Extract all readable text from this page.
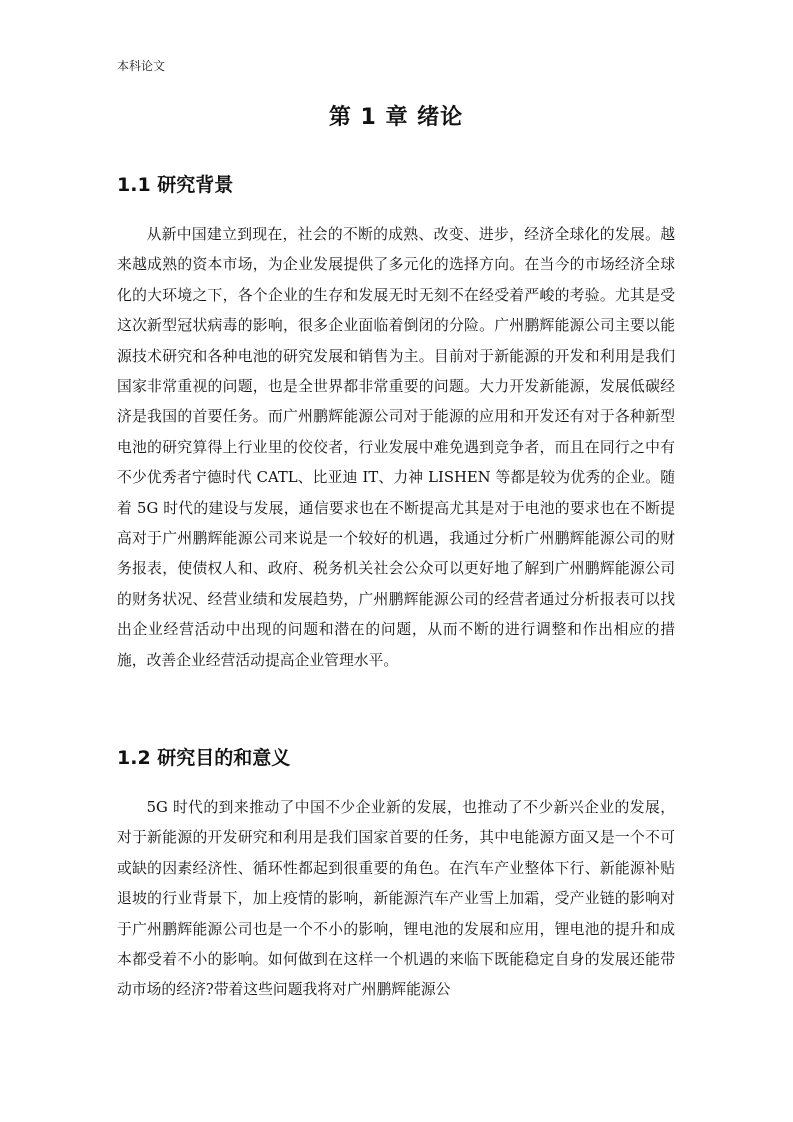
本科论文
第 1 章 绪论
1.1 研究背景

从新中国建立到现在，社会的不断的成熟、改变、进步，经济全球化的发展。越来越成熟的资本市场，为企业发展提供了多元化的选择方向。在当今的市场经济全球化的大环境之下，各个企业的生存和发展无时无刻不在经受着严峻的考验。尤其是受这次新型冠状病毒的影响，很多企业面临着倒闭的分险。广州鹏辉能源公司主要以能源技术研究和各种电池的研究发展和销售为主。目前对于新能源的开发和利用是我们国家非常重视的问题，也是全世界都非常重要的问题。大力开发新能源，发展低碳经济是我国的首要任务。而广州鹏辉能源公司对于能源的应用和开发还有对于各种新型电池的研究算得上行业里的佼佼者，行业发展中难免遇到竞争者，而且在同行之中有不少优秀者宁德时代 CATL、比亚迪 IT、力神 LISHEN 等都是较为优秀的企业。随着 5G 时代的建设与发展，通信要求也在不断提高尤其是对于电池的要求也在不断提高对于广州鹏辉能源公司来说是一个较好的机遇，我通过分析广州鹏辉能源公司的财务报表，使债权人和、政府、税务机关社会公众可以更好地了解到广州鹏辉能源公司的财务状况、经营业绩和发展趋势，广州鹏辉能源公司的经营者通过分析报表可以找出企业经营活动中出现的问题和潜在的问题，从而不断的进行调整和作出相应的措施，改善企业经营活动提高企业管理水平。

1.2 研究目的和意义

5G 时代的到来推动了中国不少企业新的发展，也推动了不少新兴企业的发展，对于新能源的开发研究和利用是我们国家首要的任务，其中电能源方面又是一个不可或缺的因素经济性、循环性都起到很重要的角色。在汽车产业整体下行、新能源补贴退坡的行业背景下，加上疫情的影响，新能源汽车产业雪上加霜，受产业链的影响对于广州鹏辉能源公司也是一个不小的影响，锂电池的发展和应用，锂电池的提升和成本都受着不小的影响。如何做到在这样一个机遇的来临下既能稳定自身的发展还能带动市场的经济?带着这些问题我将对广州鹏辉能源公
